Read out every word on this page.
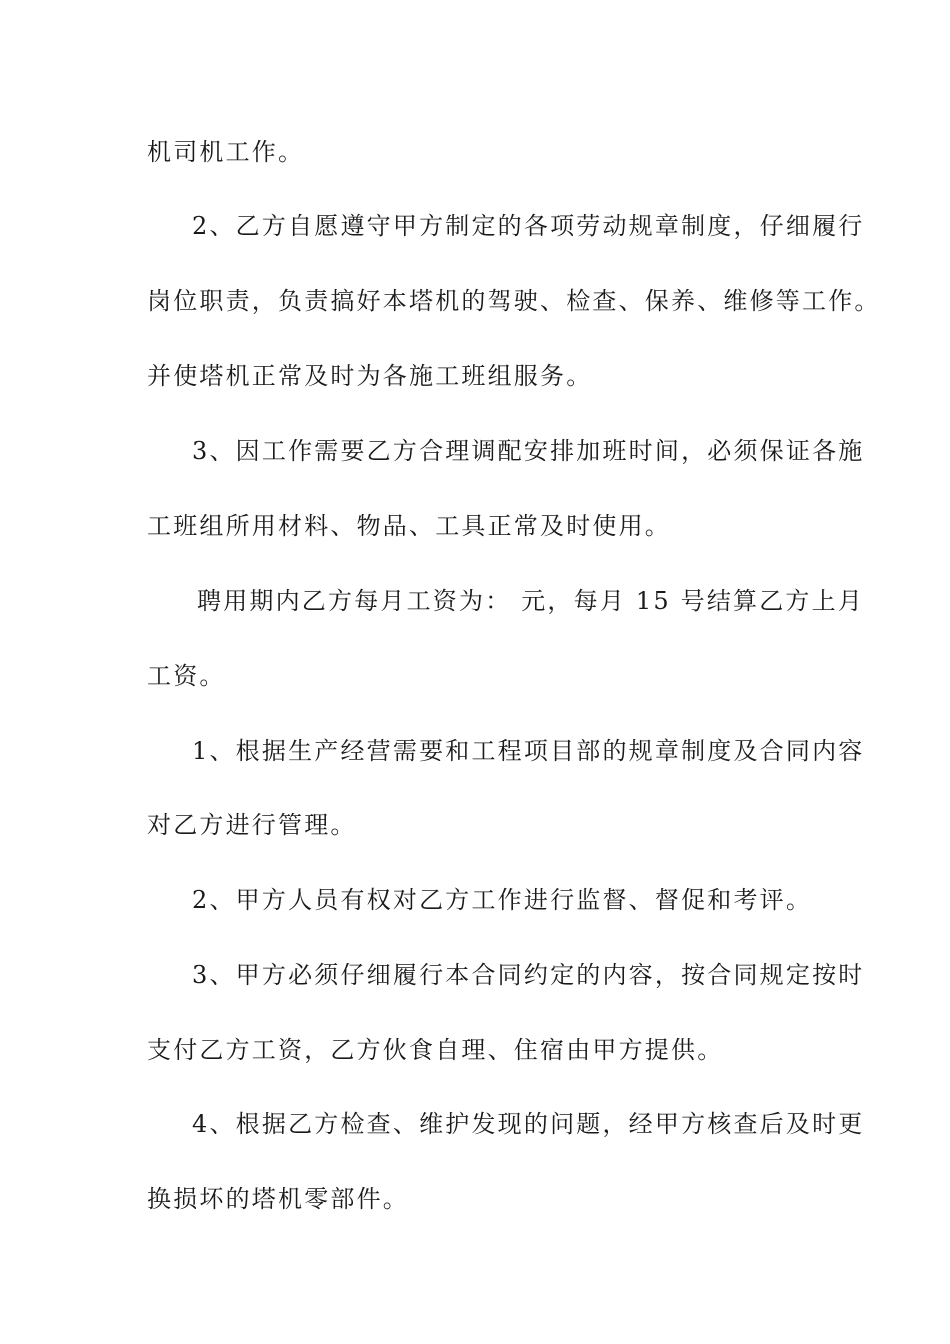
机司机工作。
2、乙方自愿遵守甲方制定的各项劳动规章制度，仔细履行
岗位职责，负责搞好本塔机的驾驶、检查、保养、维修等工作。
并使塔机正常及时为各施工班组服务。
3、因工作需要乙方合理调配安排加班时间，必须保证各施
工班组所用材料、物品、工具正常及时使用。
聘用期内乙方每月工资为： 元，每月 15 号结算乙方上月
工资。
1、根据生产经营需要和工程项目部的规章制度及合同内容
对乙方进行管理。
2、甲方人员有权对乙方工作进行监督、督促和考评。
3、甲方必须仔细履行本合同约定的内容，按合同规定按时
支付乙方工资，乙方伙食自理、住宿由甲方提供。
4、根据乙方检查、维护发现的问题，经甲方核查后及时更
换损坏的塔机零部件。
